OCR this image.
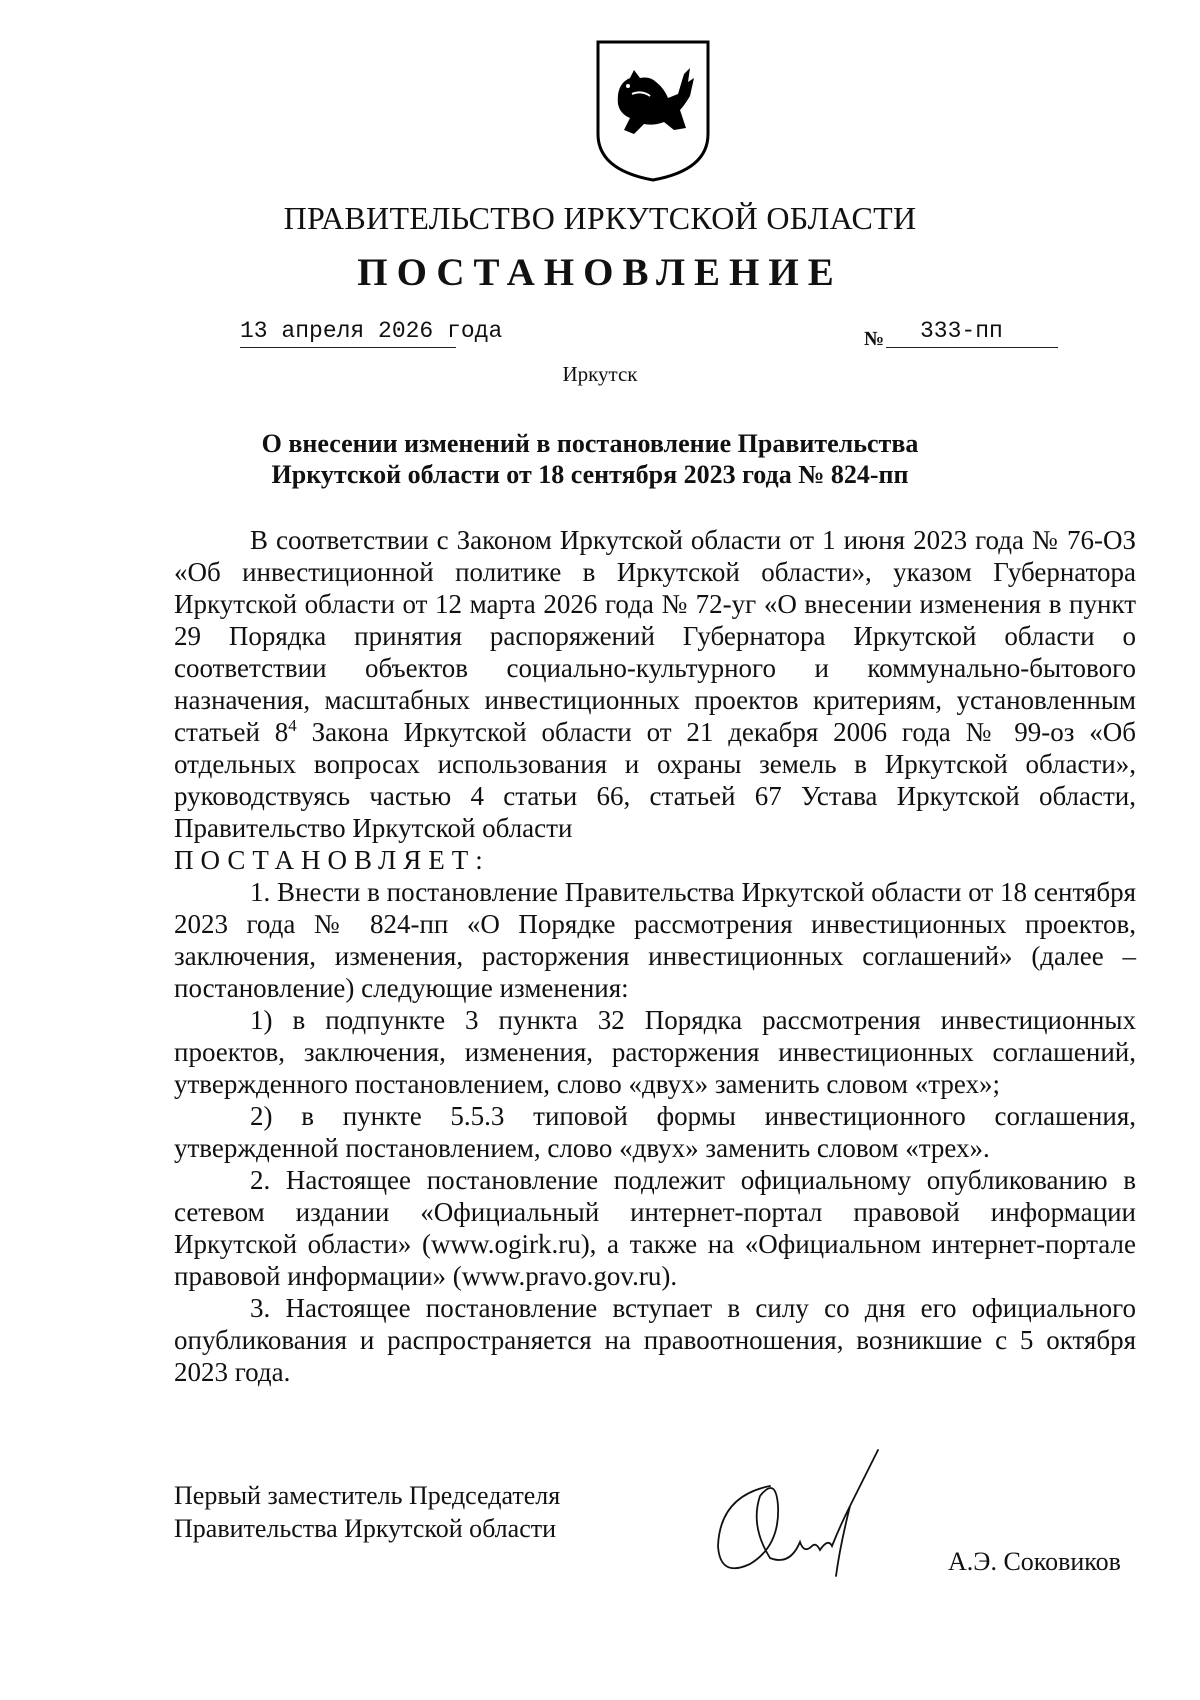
ПРАВИТЕЛЬСТВО ИРКУТСКОЙ ОБЛАСТИ
ПОСТАНОВЛЕНИЕ
13 апреля 2026 года	№ 333-пп
Иркутск
О внесении изменений в постановление Правительства Иркутской области от 18 сентября 2023 года № 824-пп

В соответствии с Законом Иркутской области от 1 июня 2023 года № 76-ОЗ «Об инвестиционной политике в Иркутской области», указом Губернатора Иркутской области от 12 марта 2026 года № 72-уг «О внесении изменения в пункт 29 Порядка принятия распоряжений Губернатора Иркутской области о соответствии объектов социально-культурного и коммунально-бытового назначения, масштабных инвестиционных проектов критериям, установленным статьей $8^4$ Закона Иркутской области от 21 декабря 2006 года № 99-оз «Об отдельных вопросах использования и охраны земель в Иркутской области», руководствуясь частью 4 статьи 66, статьей 67 Устава Иркутской области, Правительство Иркутской области

ПОСТАНОВЛЯЕТ:

1. Внести в постановление Правительства Иркутской области от 18 сентября 2023 года № 824-пп «О Порядке рассмотрения инвестиционных проектов, заключения, изменения, расторжения инвестиционных соглашений» (далее – постановление) следующие изменения:

1) в подпункте 3 пункта 32 Порядка рассмотрения инвестиционных проектов, заключения, изменения, расторжения инвестиционных соглашений, утвержденного постановлением, слово «двух» заменить словом «трех»;

2) в пункте 5.5.3 типовой формы инвестиционного соглашения, утвержденной постановлением, слово «двух» заменить словом «трех».

2. Настоящее постановление подлежит официальному опубликованию в сетевом издании «Официальный интернет-портал правовой информации Иркутской области» (www.ogirk.ru), а также на «Официальном интернет-портале правовой информации» (www.pravo.gov.ru).

3. Настоящее постановление вступает в силу со дня его официального опубликования и распространяется на правоотношения, возникшие с 5 октября 2023 года.

Первый заместитель Председателя
Правительства Иркутской области
А.Э. Соковиков
